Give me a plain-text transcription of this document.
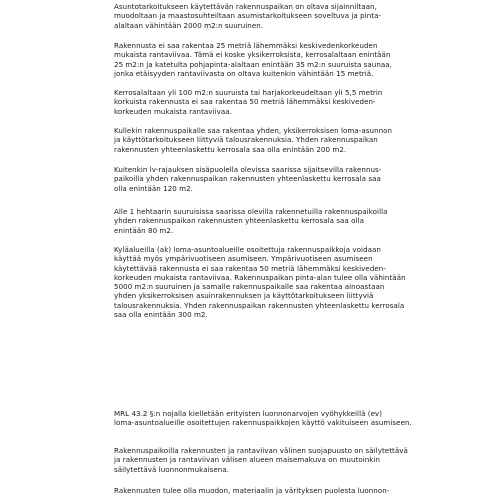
Asuntotarkoitukseen käytettävän rakennuspaikan on oltava sijainniltaan,
muodoltaan ja maastosuhteiltaan asumistarkoitukseen soveltuva ja pinta-
alaltaan vähintään 2000 m2:n suuruinen.

Rakennusta ei saa rakentaa 25 metriä lähemmäksi keskivedenkorkeuden
mukaista rantaviivaa. Tämä ei koske yksikerroksista, kerrosalaltaan enintään
25 m2:n ja katetulta pohjapinta-alaltaan enintään 35 m2:n suuruista saunaa,
jonka etäisyyden rantaviivasta on oltava kuitenkin vähintään 15 metriä.

Kerrosalaltaan yli 100 m2:n suuruista tai harjakorkeudeltaan yli 5,5 metrin
korkuista rakennusta ei saa rakentaa 50 metriä lähemmäksi keskiveden-
korkeuden mukaista rantaviivaa.

Kullekin rakennuspaikalle saa rakentaa yhden, yksikerroksisen loma-asunnon
ja käyttötarkoitukseen liittyviä talousrakennuksia. Yhden rakennuspaikan
rakennusten yhteenlaskettu kerrosala saa olla enintään 200 m2.

Kuitenkin lv-rajauksen sisäpuolella olevissa saarissa sijaitsevilla rakennus-
paikoilla yhden rakennuspaikan rakennusten yhteenlaskettu kerrosala saa
olla enintään 120 m2.

Alle 1 hehtaarin suuruisissa saarissa olevilla rakennetuilla rakennuspaikoilla
yhden rakennuspaikan rakennusten yhteenlaskettu kerrosala saa olla
enintään 80 m2.

Kyläalueilla (ak) loma-asuntoalueille osoitettuja rakennuspaikkoja voidaan
käyttää myös ympärivuotiseen asumiseen. Ympärivuotiseen asumiseen
käytettävää rakennusta ei saa rakentaa 50 metriä lähemmäksi keskiveden-
korkeuden mukaista rantaviivaa. Rakennuspaikan pinta-alan tulee olla vähintään
5000 m2:n suuruinen ja samalle rakennuspaikalle saa rakentaa ainoastaan
yhden yksikerroksisen asuinrakennuksen ja käyttötarkoitukseen liittyviä
talousrakennuksia. Yhden rakennuspaikan rakennusten yhteenlaskettu kerrosala
saa olla enintään 300 m2.

MRL 43.2 §:n nojalla kielletään erityisten luonnonarvojen vyöhykkeillä (ev)
loma-asuntoalueille osoitettujen rakennuspaikkojen käyttö vakituiseen asumiseen.

Rakennuspaikoilla rakennusten ja rantaviivan välinen suojapuusto on säilytettävä
ja rakennusten ja rantaviivan välisen alueen maisemakuva on muutoinkin
säilytettävä luonnonmukaisena.

Rakennusten tulee olla muodon, materiaalin ja värityksen puolesta luonnon-
